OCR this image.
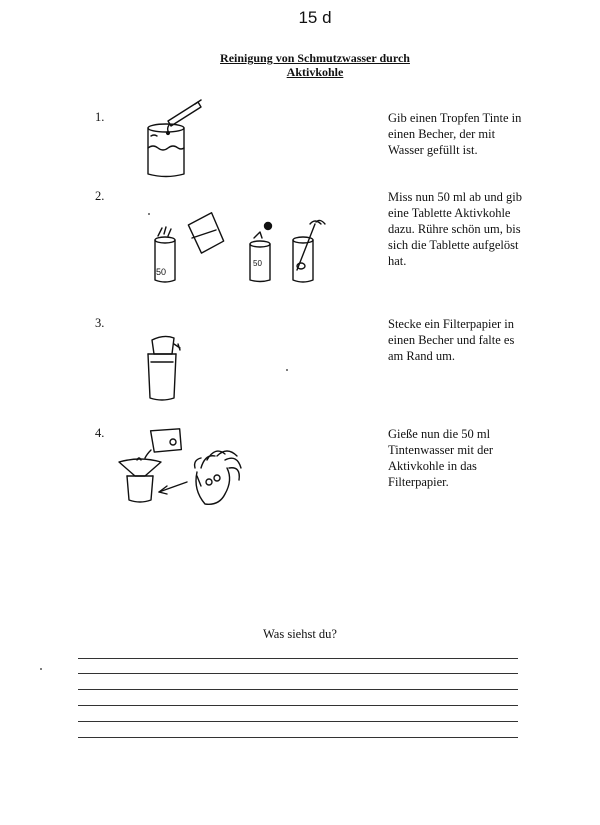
15 d
Reinigung von Schmutzwasser durch
Aktivkohle
1.	Gib einen Tropfen Tinte in einen Becher, der mit Wasser gefüllt ist.
2.	Miss nun 50 ml ab und gib eine Tablette Aktivkohle dazu. Rühre schön um, bis sich die Tablette aufgelöst hat.
50
50
3.	Stecke ein Filterpapier in einen Becher und falte es am Rand um.
4.	Gieße nun die 50 ml Tintenwasser mit der Aktivkohle in das Filterpapier.
Was siehst du?
